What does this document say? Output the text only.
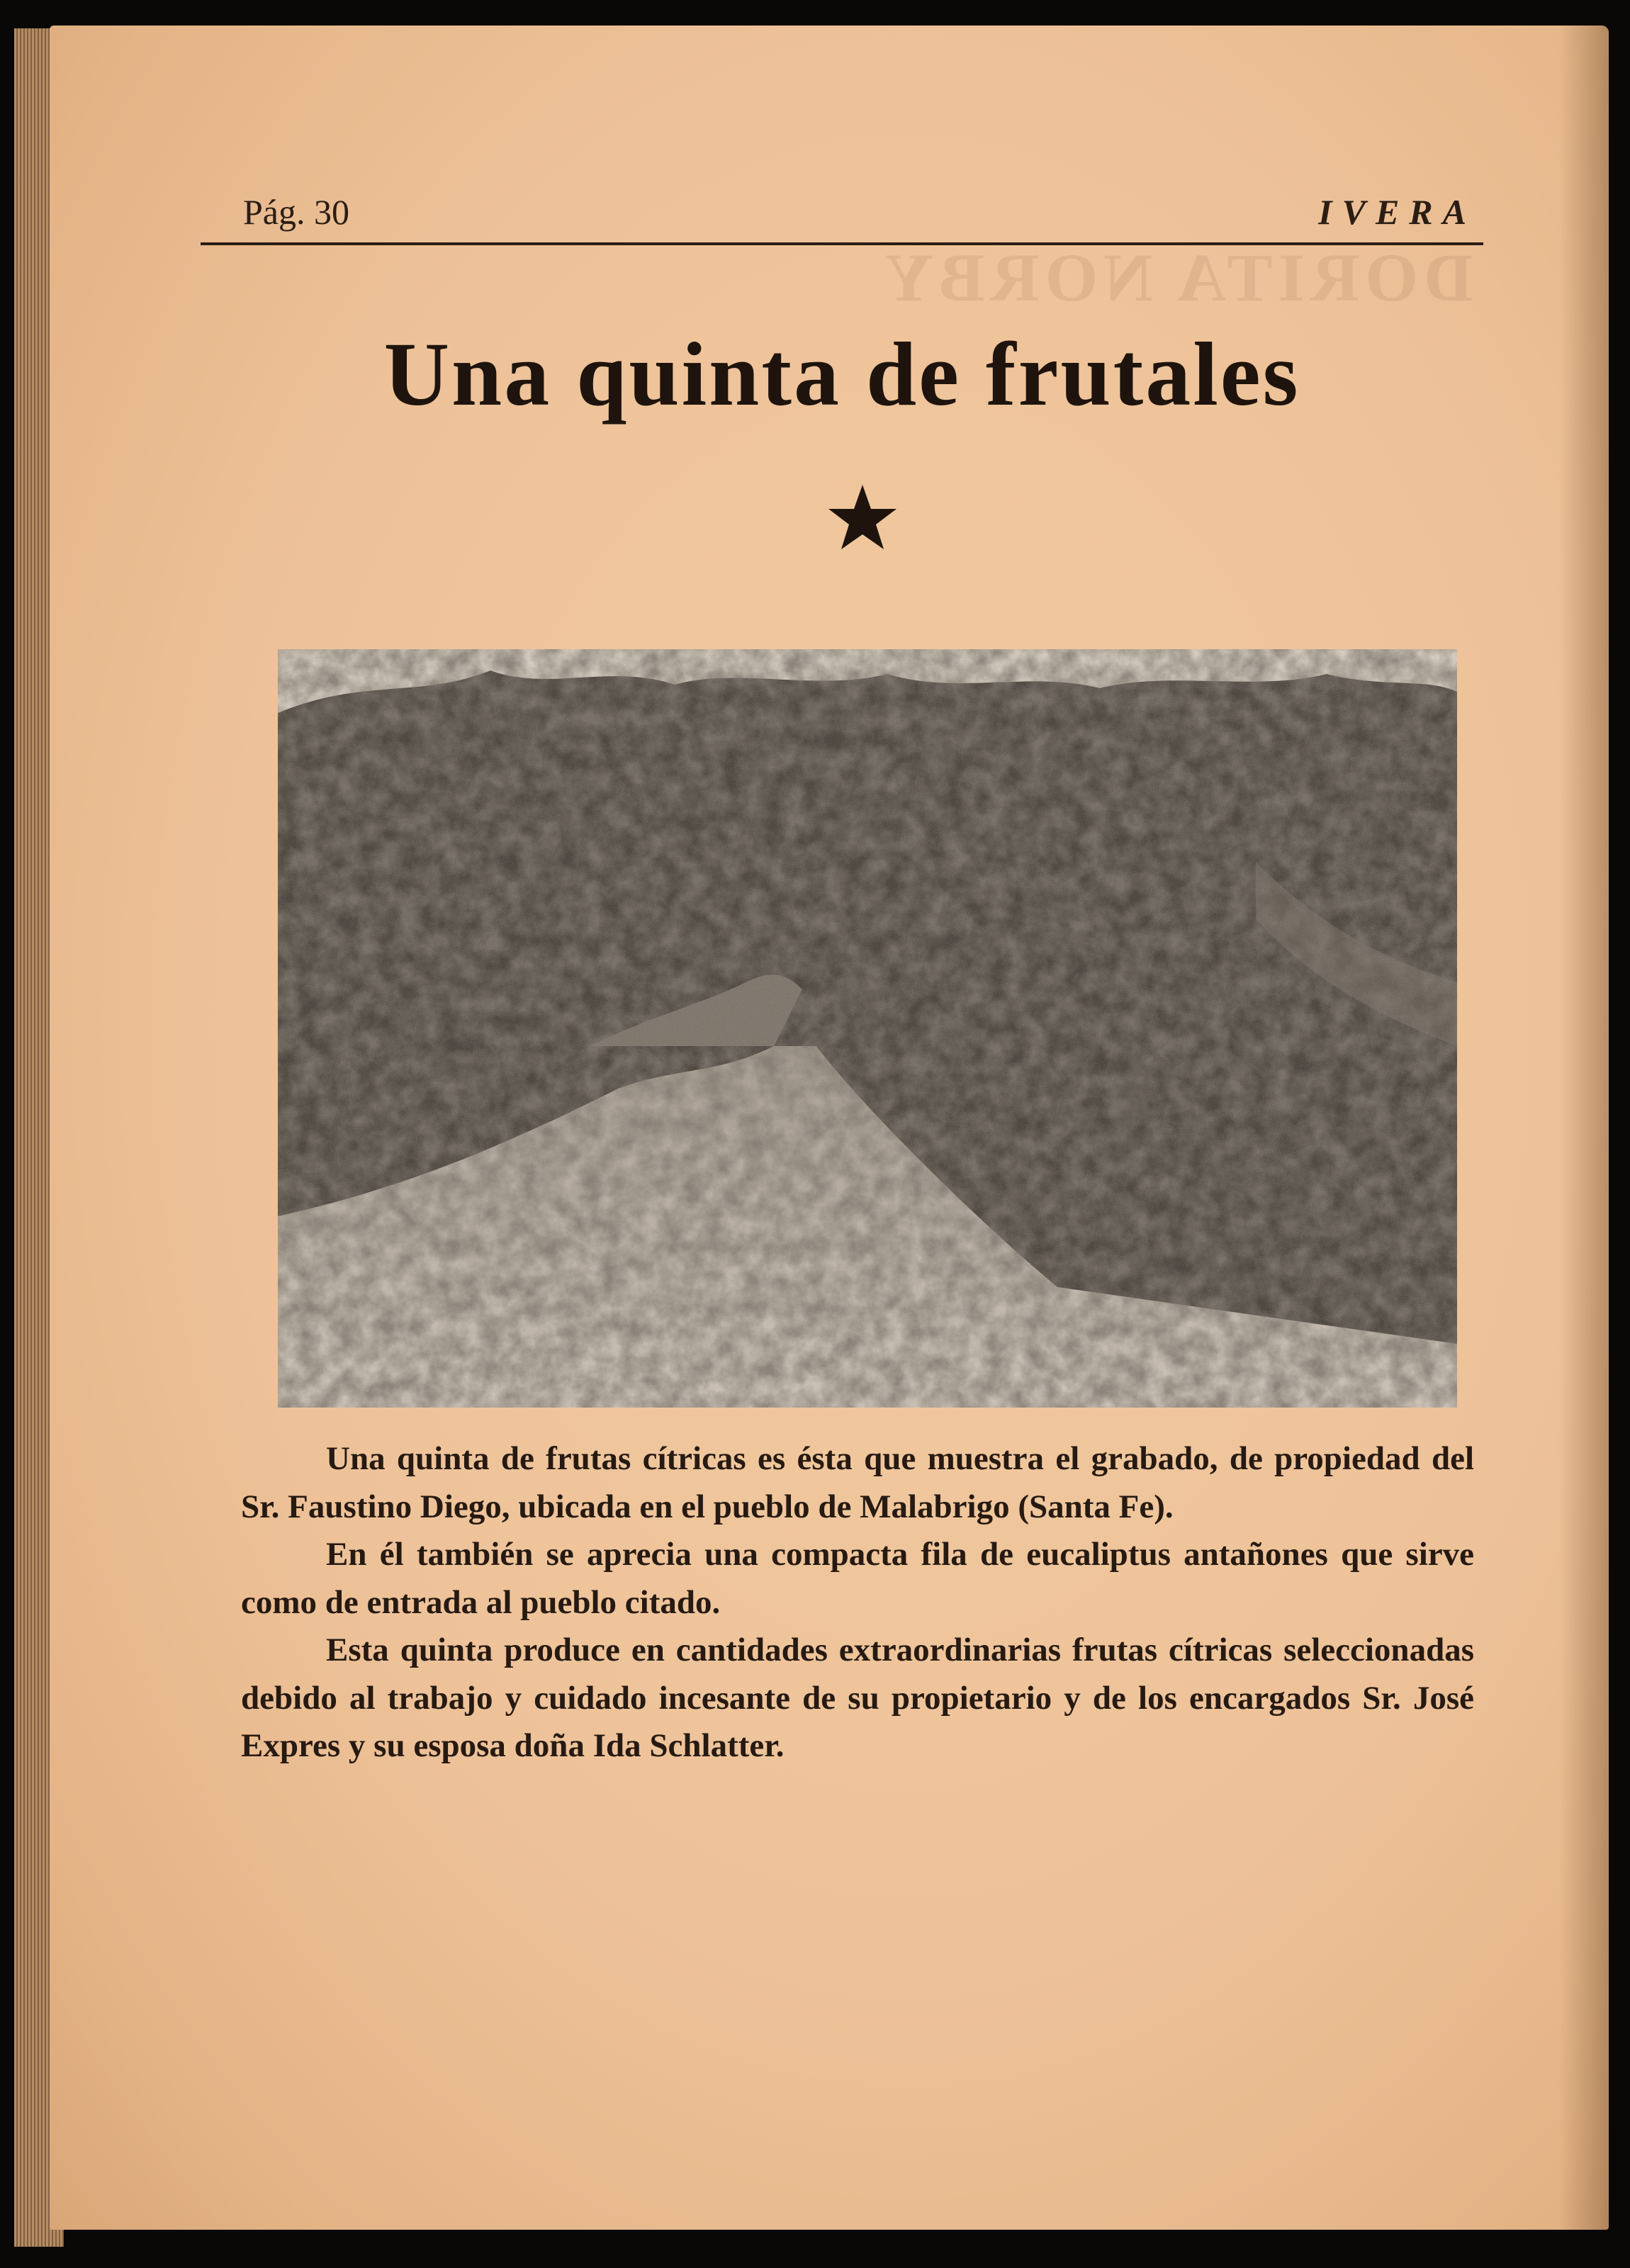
DORITA NORBY
Pág. 30	IVERA
Una quinta de frutales

Una quinta de frutas cítricas es ésta que muestra el grabado, de propiedad del Sr. Faustino Diego, ubicada en el pueblo de Malabrigo (Santa Fe).

En él también se aprecia una compacta fila de eucaliptus antañones que sirve como de entrada al pueblo citado.

Esta quinta produce en cantidades extraordinarias frutas cítricas seleccionadas debido al trabajo y cuidado incesante de su propietario y de los encargados Sr. José Expres y su esposa doña Ida Schlatter.
